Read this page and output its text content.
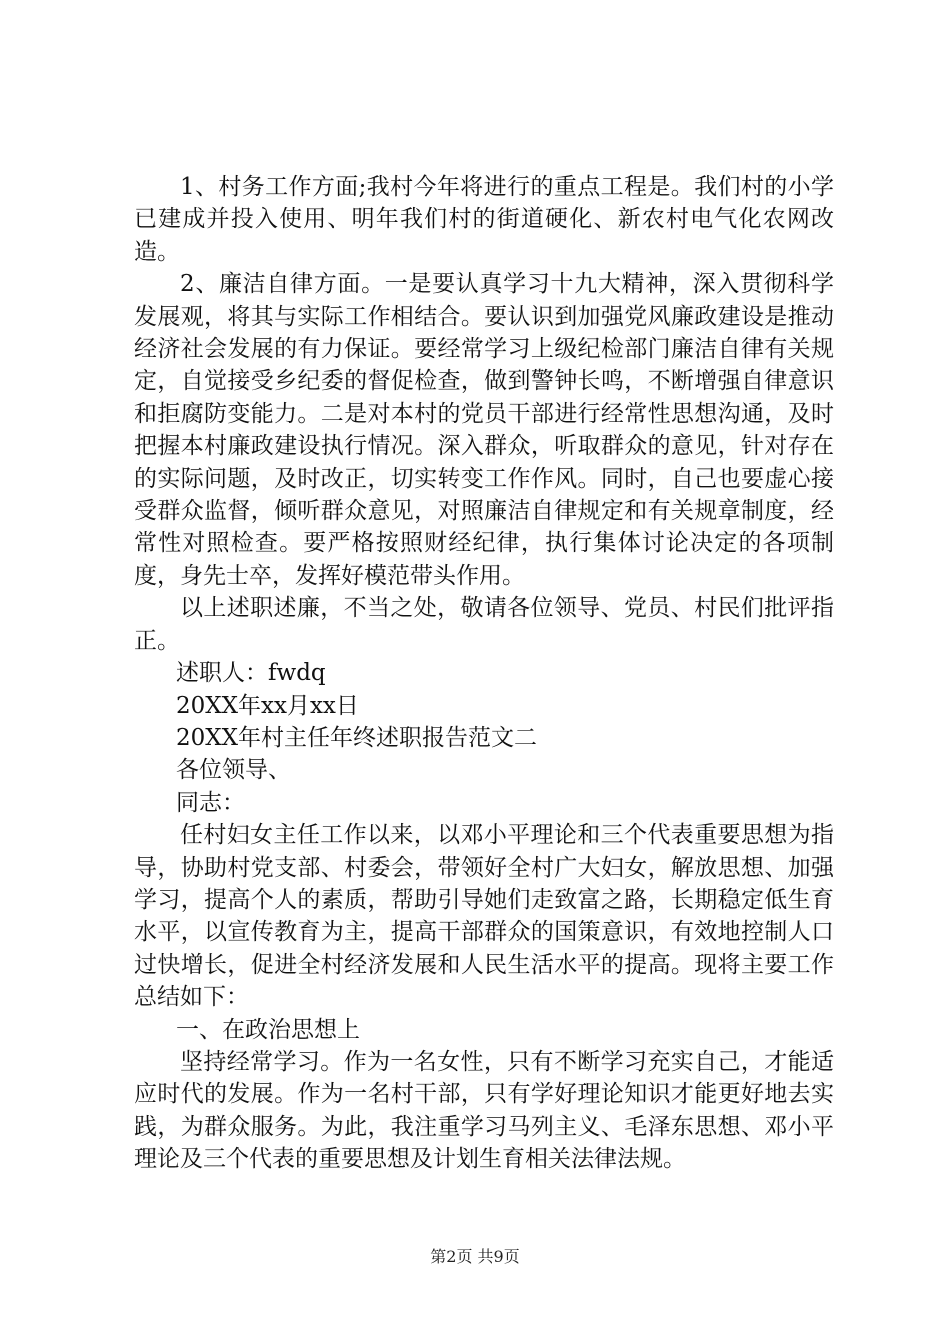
1、村务工作方面;我村今年将进行的重点工程是。我们村的小学已建成并投入使用、明年我们村的街道硬化、新农村电气化农网改造。

2、廉洁自律方面。一是要认真学习十九大精神，深入贯彻科学发展观，将其与实际工作相结合。要认识到加强党风廉政建设是推动经济社会发展的有力保证。要经常学习上级纪检部门廉洁自律有关规定，自觉接受乡纪委的督促检查，做到警钟长鸣，不断增强自律意识和拒腐防变能力。二是对本村的党员干部进行经常性思想沟通，及时把握本村廉政建设执行情况。深入群众，听取群众的意见，针对存在的实际问题，及时改正，切实转变工作作风。同时，自己也要虚心接受群众监督，倾听群众意见，对照廉洁自律规定和有关规章制度，经常性对照检查。要严格按照财经纪律，执行集体讨论决定的各项制度，身先士卒，发挥好模范带头作用。

以上述职述廉，不当之处，敬请各位领导、党员、村民们批评指正。

述职人：fwdq

20XX年xx月xx日

20XX年村主任年终述职报告范文二

各位领导、

同志：

任村妇女主任工作以来，以邓小平理论和三个代表重要思想为指导，协助村党支部、村委会，带领好全村广大妇女，解放思想、加强学习，提高个人的素质，帮助引导她们走致富之路，长期稳定低生育水平，以宣传教育为主，提高干部群众的国策意识，有效地控制人口过快增长，促进全村经济发展和人民生活水平的提高。现将主要工作总结如下：

一、在政治思想上

坚持经常学习。作为一名女性，只有不断学习充实自己，才能适应时代的发展。作为一名村干部，只有学好理论知识才能更好地去实践，为群众服务。为此，我注重学习马列主义、毛泽东思想、邓小平理论及三个代表的重要思想及计划生育相关法律法规。

第2页 共9页
